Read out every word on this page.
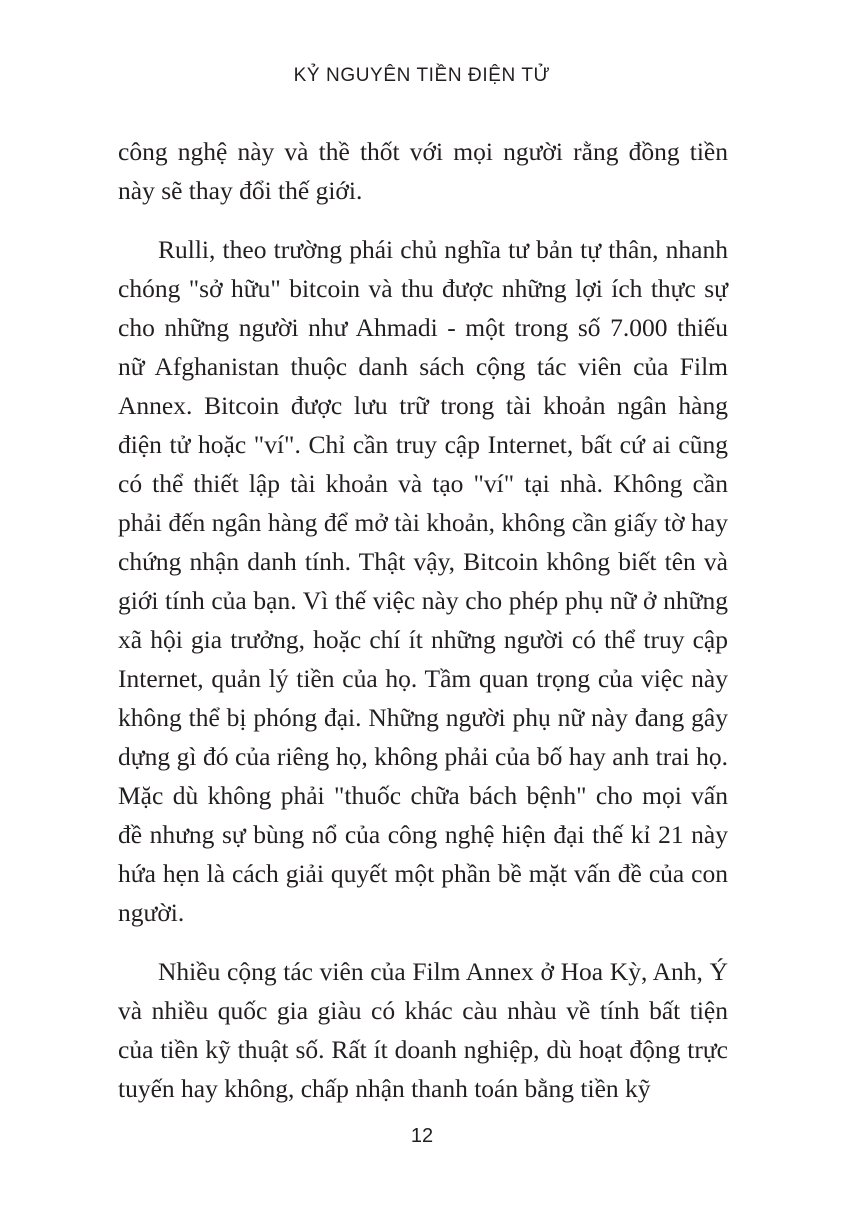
KỶ NGUYÊN TIỀN ĐIỆN TỬ

công nghệ này và thề thốt với mọi người rằng đồng tiền này sẽ thay đổi thế giới.

Rulli, theo trường phái chủ nghĩa tư bản tự thân, nhanh chóng "sở hữu" bitcoin và thu được những lợi ích thực sự cho những người như Ahmadi - một trong số 7.000 thiếu nữ Afghanistan thuộc danh sách cộng tác viên của Film Annex. Bitcoin được lưu trữ trong tài khoản ngân hàng điện tử hoặc "ví". Chỉ cần truy cập Internet, bất cứ ai cũng có thể thiết lập tài khoản và tạo "ví" tại nhà. Không cần phải đến ngân hàng để mở tài khoản, không cần giấy tờ hay chứng nhận danh tính. Thật vậy, Bitcoin không biết tên và giới tính của bạn. Vì thế việc này cho phép phụ nữ ở những xã hội gia trưởng, hoặc chí ít những người có thể truy cập Internet, quản lý tiền của họ. Tầm quan trọng của việc này không thể bị phóng đại. Những người phụ nữ này đang gây dựng gì đó của riêng họ, không phải của bố hay anh trai họ. Mặc dù không phải "thuốc chữa bách bệnh" cho mọi vấn đề nhưng sự bùng nổ của công nghệ hiện đại thế kỉ 21 này hứa hẹn là cách giải quyết một phần bề mặt vấn đề của con người.

Nhiều cộng tác viên của Film Annex ở Hoa Kỳ, Anh, Ý và nhiều quốc gia giàu có khác càu nhàu về tính bất tiện của tiền kỹ thuật số. Rất ít doanh nghiệp, dù hoạt động trực tuyến hay không, chấp nhận thanh toán bằng tiền kỹ

12
